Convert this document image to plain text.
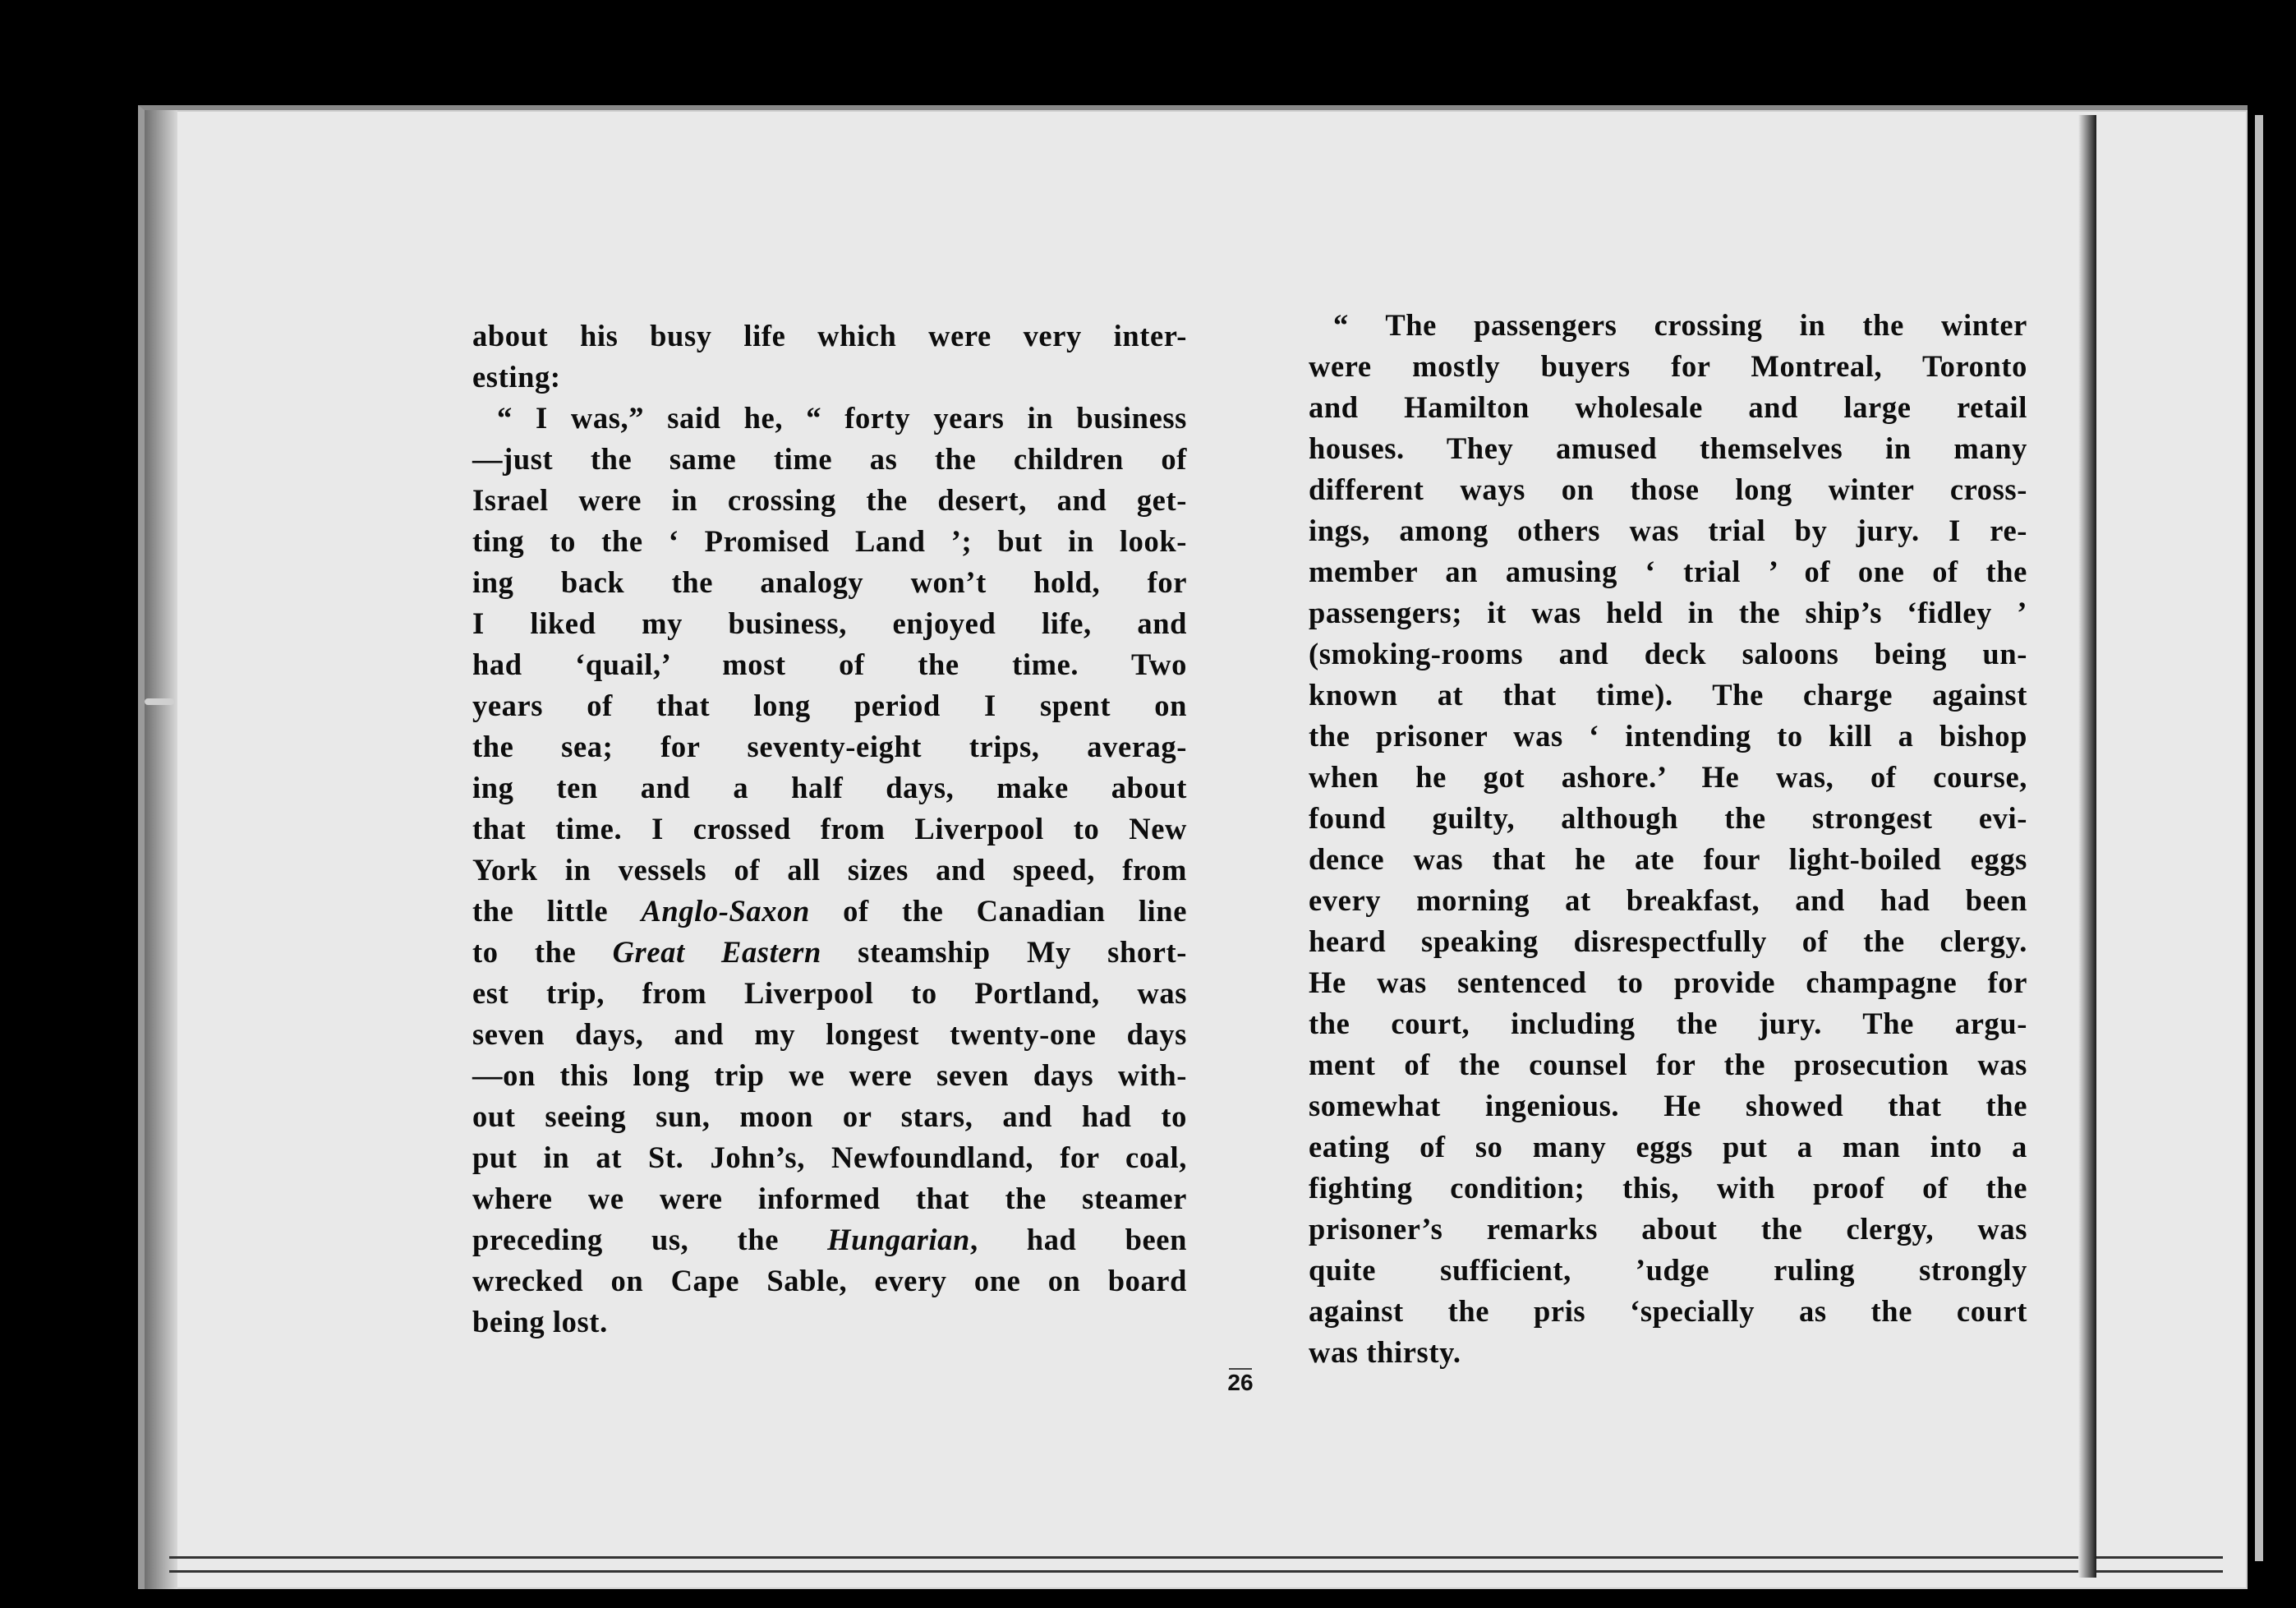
about his busy life which were very inter-

esting:

“ I was,” said he, “ forty years in business

—just the same time as the children of

Israel were in crossing the desert, and get-

ting to the ‘ Promised Land ’; but in look-

ing back the analogy won’t hold, for

I liked my business, enjoyed life, and

had ‘quail,’ most of the time. Two

years of that long period I spent on

the sea; for seventy-eight trips, averag-

ing ten and a half days, make about

that time. I crossed from Liverpool to New

York in vessels of all sizes and speed, from

the little Anglo-Saxon of the Canadian line

to the Great Eastern steamship My short-

est trip, from Liverpool to Portland, was

seven days, and my longest twenty-one days

—on this long trip we were seven days with-

out seeing sun, moon or stars, and had to

put in at St. John’s, Newfoundland, for coal,

where we were informed that the steamer

preceding us, the Hungarian, had been

wrecked on Cape Sable, every one on board

being lost.

“ The passengers crossing in the winter

were mostly buyers for Montreal, Toronto

and Hamilton wholesale and large retail

houses. They amused themselves in many

different ways on those long winter cross-

ings, among others was trial by jury. I re-

member an amusing ‘ trial ’ of one of the

passengers; it was held in the ship’s ‘fidley ’

(smoking-rooms and deck saloons being un-

known at that time). The charge against

the prisoner was ‘ intending to kill a bishop

when he got ashore.’ He was, of course,

found guilty, although the strongest evi-

dence was that he ate four light-boiled eggs

every morning at breakfast, and had been

heard speaking disrespectfully of the clergy.

He was sentenced to provide champagne for

the court, including the jury. The argu-

ment of the counsel for the prosecution was

somewhat ingenious. He showed that the

eating of so many eggs put a man into a

fighting condition; this, with proof of the

prisoner’s remarks about the clergy, was

quite sufficient, ’udge ruling strongly

against the pris ‘specially as the court

was thirsty.

26
